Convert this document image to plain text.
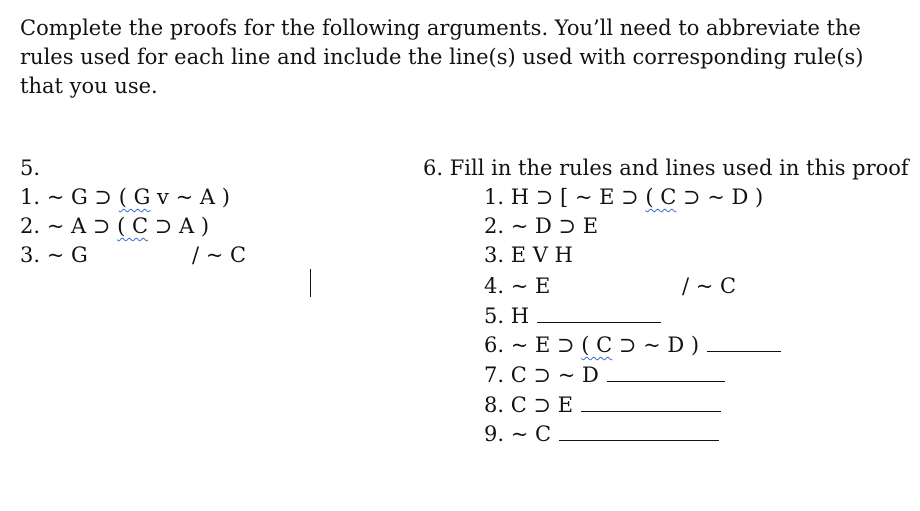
Complete the proofs for the following arguments. You’ll need to abbreviate the rules used for each line and include the line(s) used with corresponding rule(s) that you use.
5.
1. ~ G ⊃ ( G v ~ A )
2. ~ A ⊃ ( C ⊃ A )
3. ~ G	/ ~ C
6. Fill in the rules and lines used in this proof
1. H ⊃ [ ~ E ⊃ ( C ⊃ ~ D )
2. ~ D ⊃ E
3. E V H
4. ~ E	/ ~ C
5. H
6. ~ E ⊃ ( C ⊃ ~ D )
7. C ⊃ ~ D
8. C ⊃ E
9. ~ C
